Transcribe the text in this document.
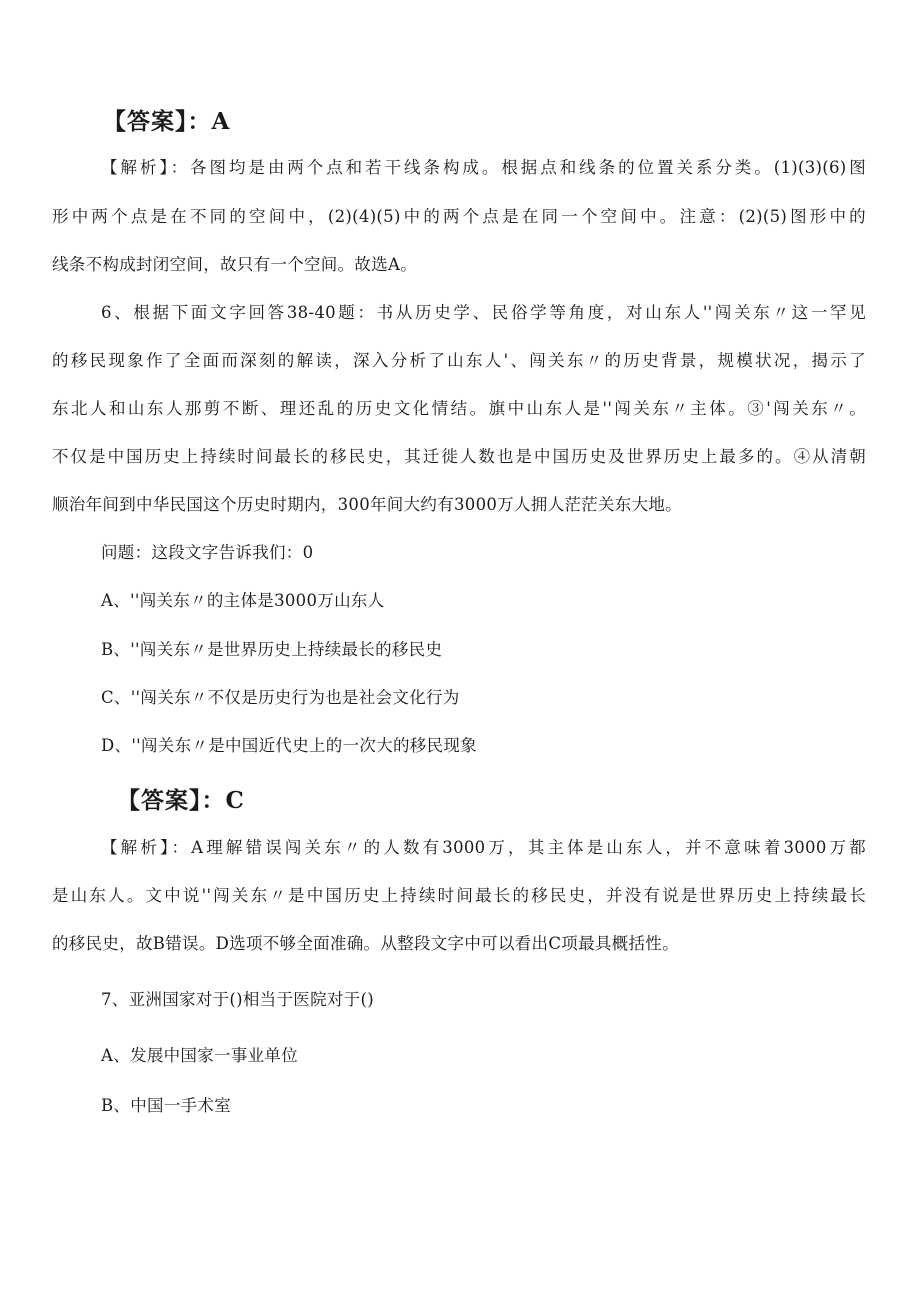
【答案】：A
【解析】：各图均是由两个点和若干线条构成。根据点和线条的位置关系分类。(1)(3)(6)图
形中两个点是在不同的空间中，(2)(4)(5)中的两个点是在同一个空间中。注意：(2)(5)图形中的
线条不构成封闭空间，故只有一个空间。故选A。
6、根据下面文字回答38-40题：书从历史学、民俗学等角度，对山东人''闯关东〃这一罕见
的移民现象作了全面而深刻的解读，深入分析了山东人'、闯关东〃的历史背景，规模状况，揭示了
东北人和山东人那剪不断、理还乱的历史文化情结。旗中山东人是''闯关东〃主体。③'闯关东〃。
不仅是中国历史上持续时间最长的移民史，其迁徙人数也是中国历史及世界历史上最多的。④从清朝
顺治年间到中华民国这个历史时期内，300年间大约有3000万人拥人茫茫关东大地。
问题：这段文字告诉我们：0
A、''闯关东〃的主体是3000万山东人
B、''闯关东〃是世界历史上持续最长的移民史
C、''闯关东〃不仅是历史行为也是社会文化行为
D、''闯关东〃是中国近代史上的一次大的移民现象
【答案】：C
【解析】：A理解错误闯关东〃的人数有3000万，其主体是山东人，并不意味着3000万都
是山东人。文中说''闯关东〃是中国历史上持续时间最长的移民史，并没有说是世界历史上持续最长
的移民史，故B错误。D选项不够全面准确。从整段文字中可以看出C项最具概括性。
7、亚洲国家对于()相当于医院对于()
A、发展中国家一事业单位
B、中国一手术室
